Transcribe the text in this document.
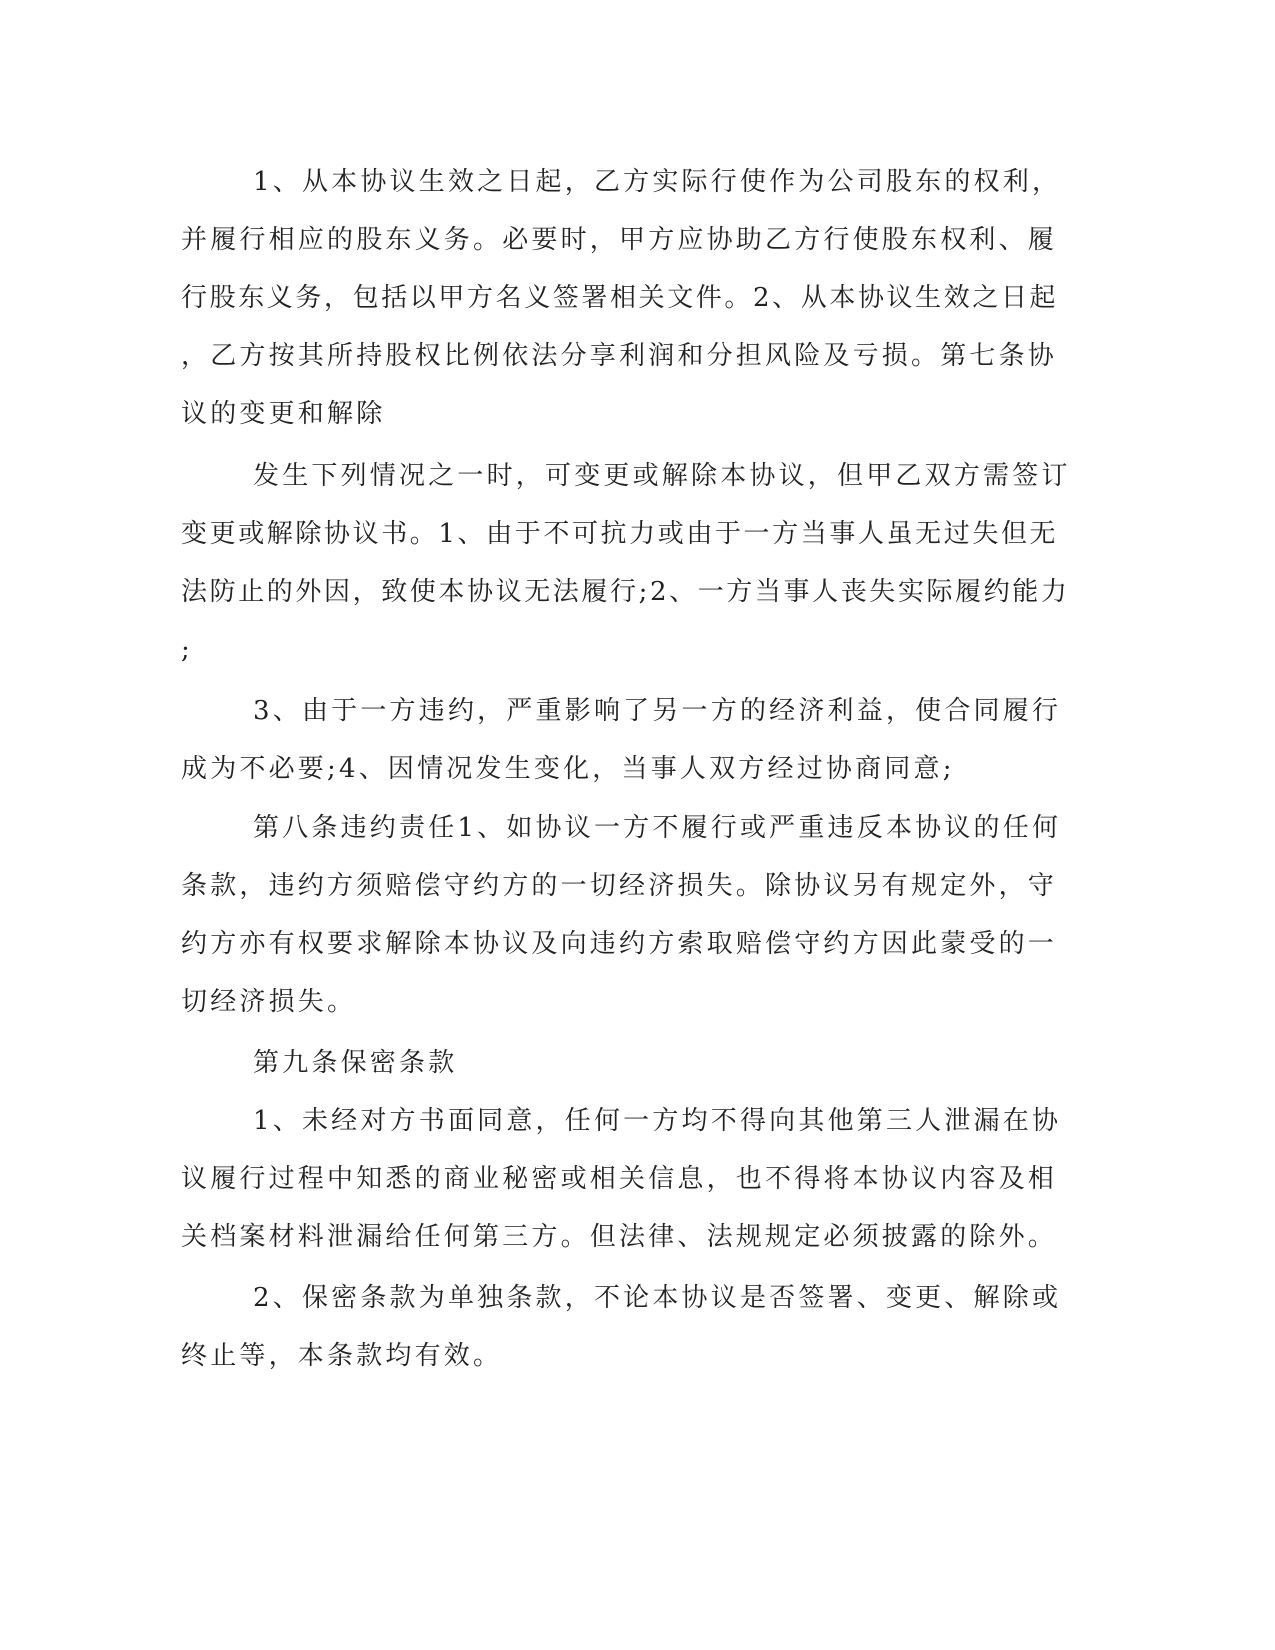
1、从本协议生效之日起，乙方实际行使作为公司股东的权利，
并履行相应的股东义务。必要时，甲方应协助乙方行使股东权利、履
行股东义务，包括以甲方名义签署相关文件。2、从本协议生效之日起
，乙方按其所持股权比例依法分享利润和分担风险及亏损。第七条协
议的变更和解除
发生下列情况之一时，可变更或解除本协议，但甲乙双方需签订
变更或解除协议书。1、由于不可抗力或由于一方当事人虽无过失但无
法防止的外因，致使本协议无法履行;2、一方当事人丧失实际履约能力
;
3、由于一方违约，严重影响了另一方的经济利益，使合同履行
成为不必要;4、因情况发生变化，当事人双方经过协商同意;
第八条违约责任1、如协议一方不履行或严重违反本协议的任何
条款，违约方须赔偿守约方的一切经济损失。除协议另有规定外，守
约方亦有权要求解除本协议及向违约方索取赔偿守约方因此蒙受的一
切经济损失。
第九条保密条款
1、未经对方书面同意，任何一方均不得向其他第三人泄漏在协
议履行过程中知悉的商业秘密或相关信息，也不得将本协议内容及相
关档案材料泄漏给任何第三方。但法律、法规规定必须披露的除外。
2、保密条款为单独条款，不论本协议是否签署、变更、解除或
终止等，本条款均有效。
